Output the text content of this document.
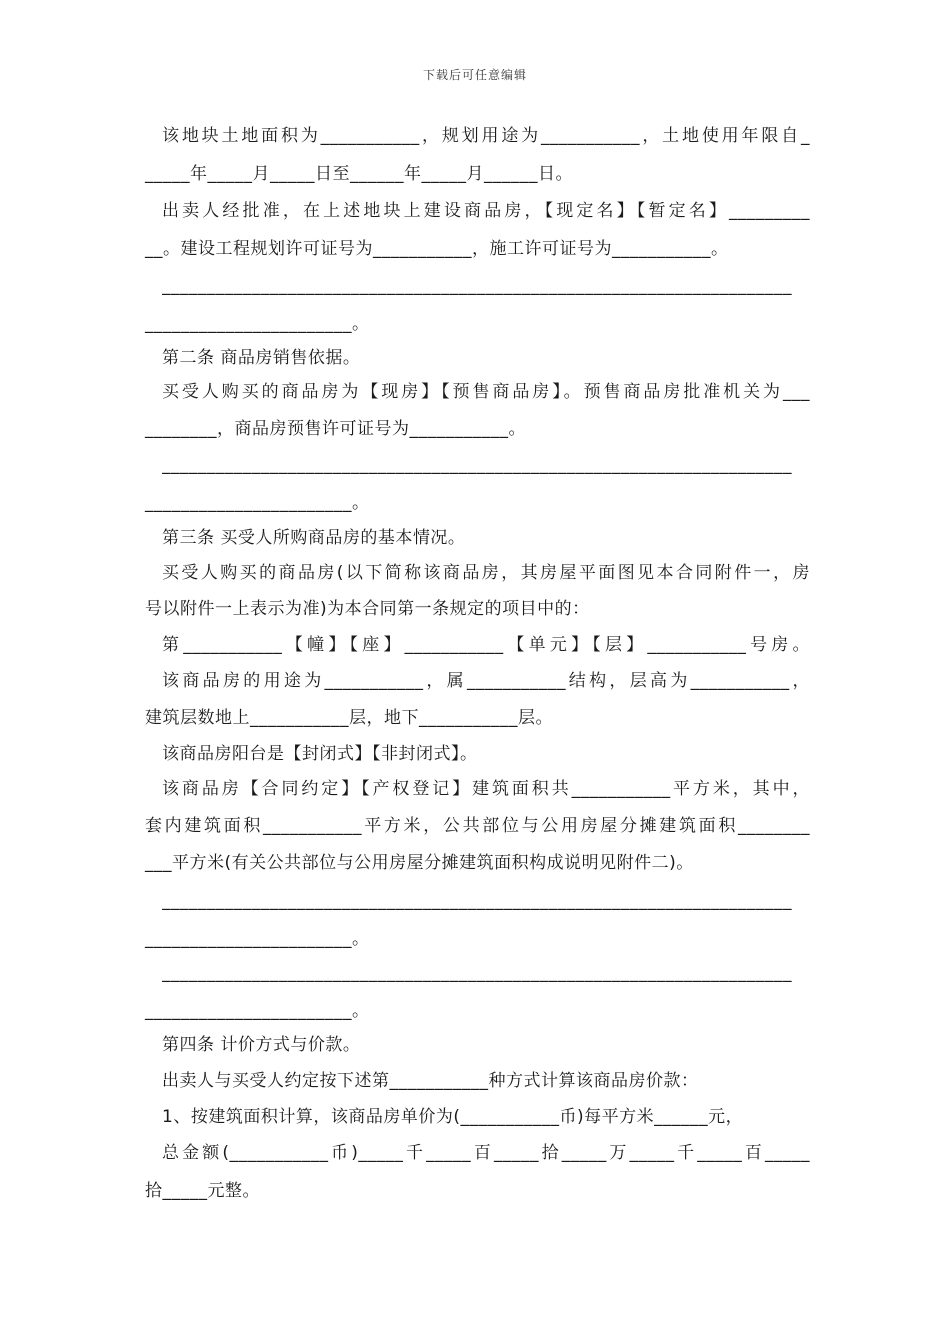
下载后可任意编辑
该地块土地面积为___________，规划用途为___________，土地使用年限自_
_____年_____月_____日至______年_____月______日。
出卖人经批准，在上述地块上建设商品房，【现定名】【暂定名】_________
__。建设工程规划许可证号为___________，施工许可证号为___________。
______________________________________________________________________
_______________________。
第二条 商品房销售依据。
买受人购买的商品房为【现房】【预售商品房】。预售商品房批准机关为___
________，商品房预售许可证号为___________。
______________________________________________________________________
_______________________。
第三条 买受人所购商品房的基本情况。
买受人购买的商品房(以下简称该商品房，其房屋平面图见本合同附件一，房
号以附件一上表示为准)为本合同第一条规定的项目中的：
第___________【幢】【座】___________【单元】【层】___________号房。
该商品房的用途为___________，属___________结构，层高为___________，
建筑层数地上___________层，地下___________层。
该商品房阳台是【封闭式】【非封闭式】。
该商品房【合同约定】【产权登记】建筑面积共___________平方米，其中，
套内建筑面积___________平方米，公共部位与公用房屋分摊建筑面积________
___平方米(有关公共部位与公用房屋分摊建筑面积构成说明见附件二)。
______________________________________________________________________
_______________________。
______________________________________________________________________
_______________________。
第四条 计价方式与价款。
出卖人与买受人约定按下述第___________种方式计算该商品房价款：
1、按建筑面积计算，该商品房单价为(___________币)每平方米______元，
总金额(___________币)_____千_____百_____拾_____万_____千_____百_____
拾_____元整。
